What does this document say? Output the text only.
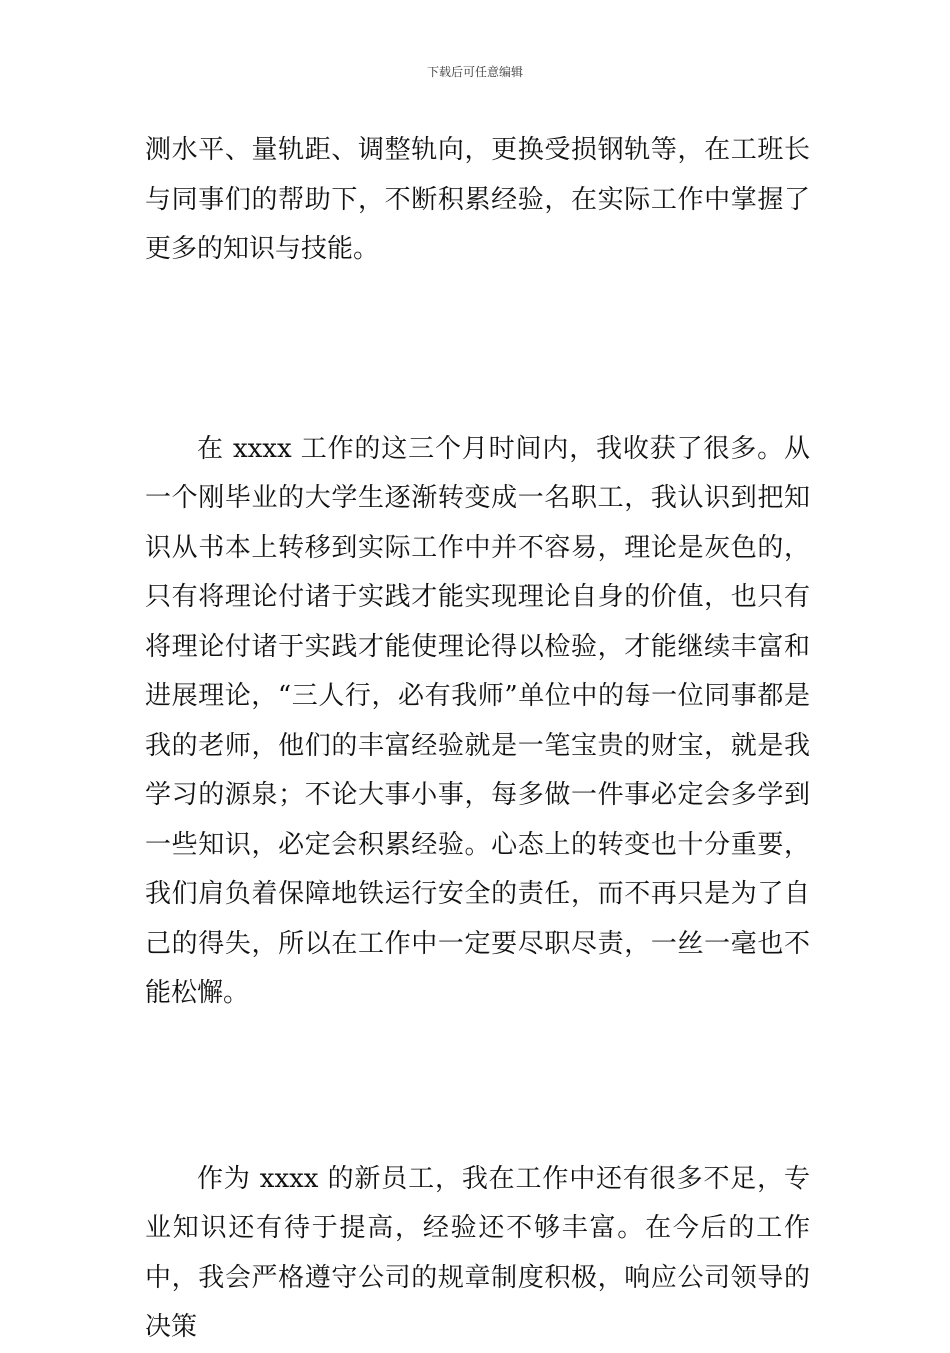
下载后可任意编辑

测水平、量轨距、调整轨向，更换受损钢轨等，在工班长与同事们的帮助下，不断积累经验，在实际工作中掌握了更多的知识与技能。

在 xxxx 工作的这三个月时间内，我收获了很多。从一个刚毕业的大学生逐渐转变成一名职工，我认识到把知识从书本上转移到实际工作中并不容易，理论是灰色的，只有将理论付诸于实践才能实现理论自身的价值，也只有将理论付诸于实践才能使理论得以检验，才能继续丰富和进展理论，“三人行，必有我师”单位中的每一位同事都是我的老师，他们的丰富经验就是一笔宝贵的财宝，就是我学习的源泉；不论大事小事，每多做一件事必定会多学到一些知识，必定会积累经验。心态上的转变也十分重要，我们肩负着保障地铁运行安全的责任，而不再只是为了自己的得失，所以在工作中一定要尽职尽责，一丝一毫也不能松懈。

作为 xxxx 的新员工，我在工作中还有很多不足，专业知识还有待于提高，经验还不够丰富。在今后的工作中，我会严格遵守公司的规章制度积极，响应公司领导的决策
